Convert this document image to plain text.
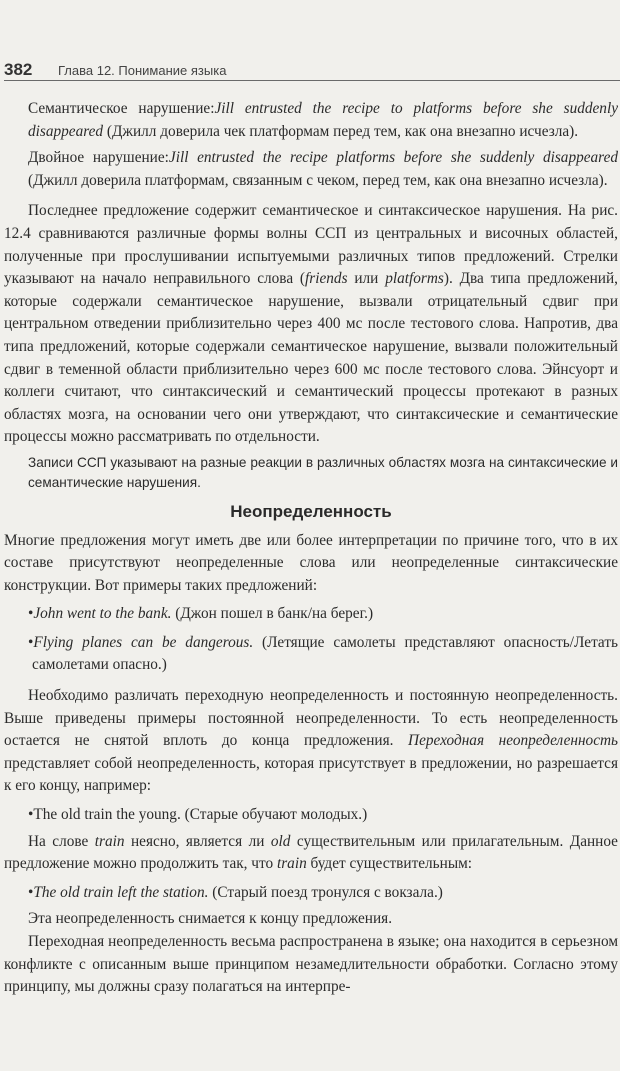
382 Глава 12. Понимание языка

Семантическое нарушение:Jill entrusted the recipe to platforms before she suddenly disappeared (Джилл доверила чек платформам перед тем, как она внезапно исчезла).

Двойное нарушение:Jill entrusted the recipe platforms before she suddenly disappeared (Джилл доверила платформам, связанным с чеком, перед тем, как она внезапно исчезла).

Последнее предложение содержит семантическое и синтаксическое нарушения. На рис. 12.4 сравниваются различные формы волны ССП из центральных и височных областей, полученные при прослушивании испытуемыми различных типов предложений. Стрелки указывают на начало неправильного слова (friends или platforms). Два типа предложений, которые содержали семантическое нарушение, вызвали отрицательный сдвиг при центральном отведении приблизительно через 400 мс после тестового слова. Напротив, два типа предложений, которые содержали семантическое нарушение, вызвали положительный сдвиг в теменной области приблизительно через 600 мс после тестового слова. Эйнсуорт и коллеги считают, что синтаксический и семантический процессы протекают в разных областях мозга, на основании чего они утверждают, что синтаксические и семантические процессы можно рассматривать по отдельности.

Записи ССП указывают на разные реакции в различных областях мозга на синтаксические и семантические нарушения.

Неопределенность

Многие предложения могут иметь две или более интерпретации по причине того, что в их составе присутствуют неопределенные слова или неопределенные синтаксические конструкции. Вот примеры таких предложений:

•John went to the bank. (Джон пошел в банк/на берег.)

•Flying planes can be dangerous. (Летящие самолеты представляют опасность/Летать самолетами опасно.)

Необходимо различать переходную неопределенность и постоянную неопределенность. Выше приведены примеры постоянной неопределенности. То есть неопределенность остается не снятой вплоть до конца предложения. Переходная неопределенность представляет собой неопределенность, которая присутствует в предложении, но разрешается к его концу, например:

•The old train the young. (Старые обучают молодых.)

На слове train неясно, является ли old существительным или прилагательным. Данное предложение можно продолжить так, что train будет существительным:

•The old train left the station. (Старый поезд тронулся с вокзала.)

Эта неопределенность снимается к концу предложения.

Переходная неопределенность весьма распространена в языке; она находится в серьезном конфликте с описанным выше принципом незамедлительности обработки. Согласно этому принципу, мы должны сразу полагаться на интерпре-
